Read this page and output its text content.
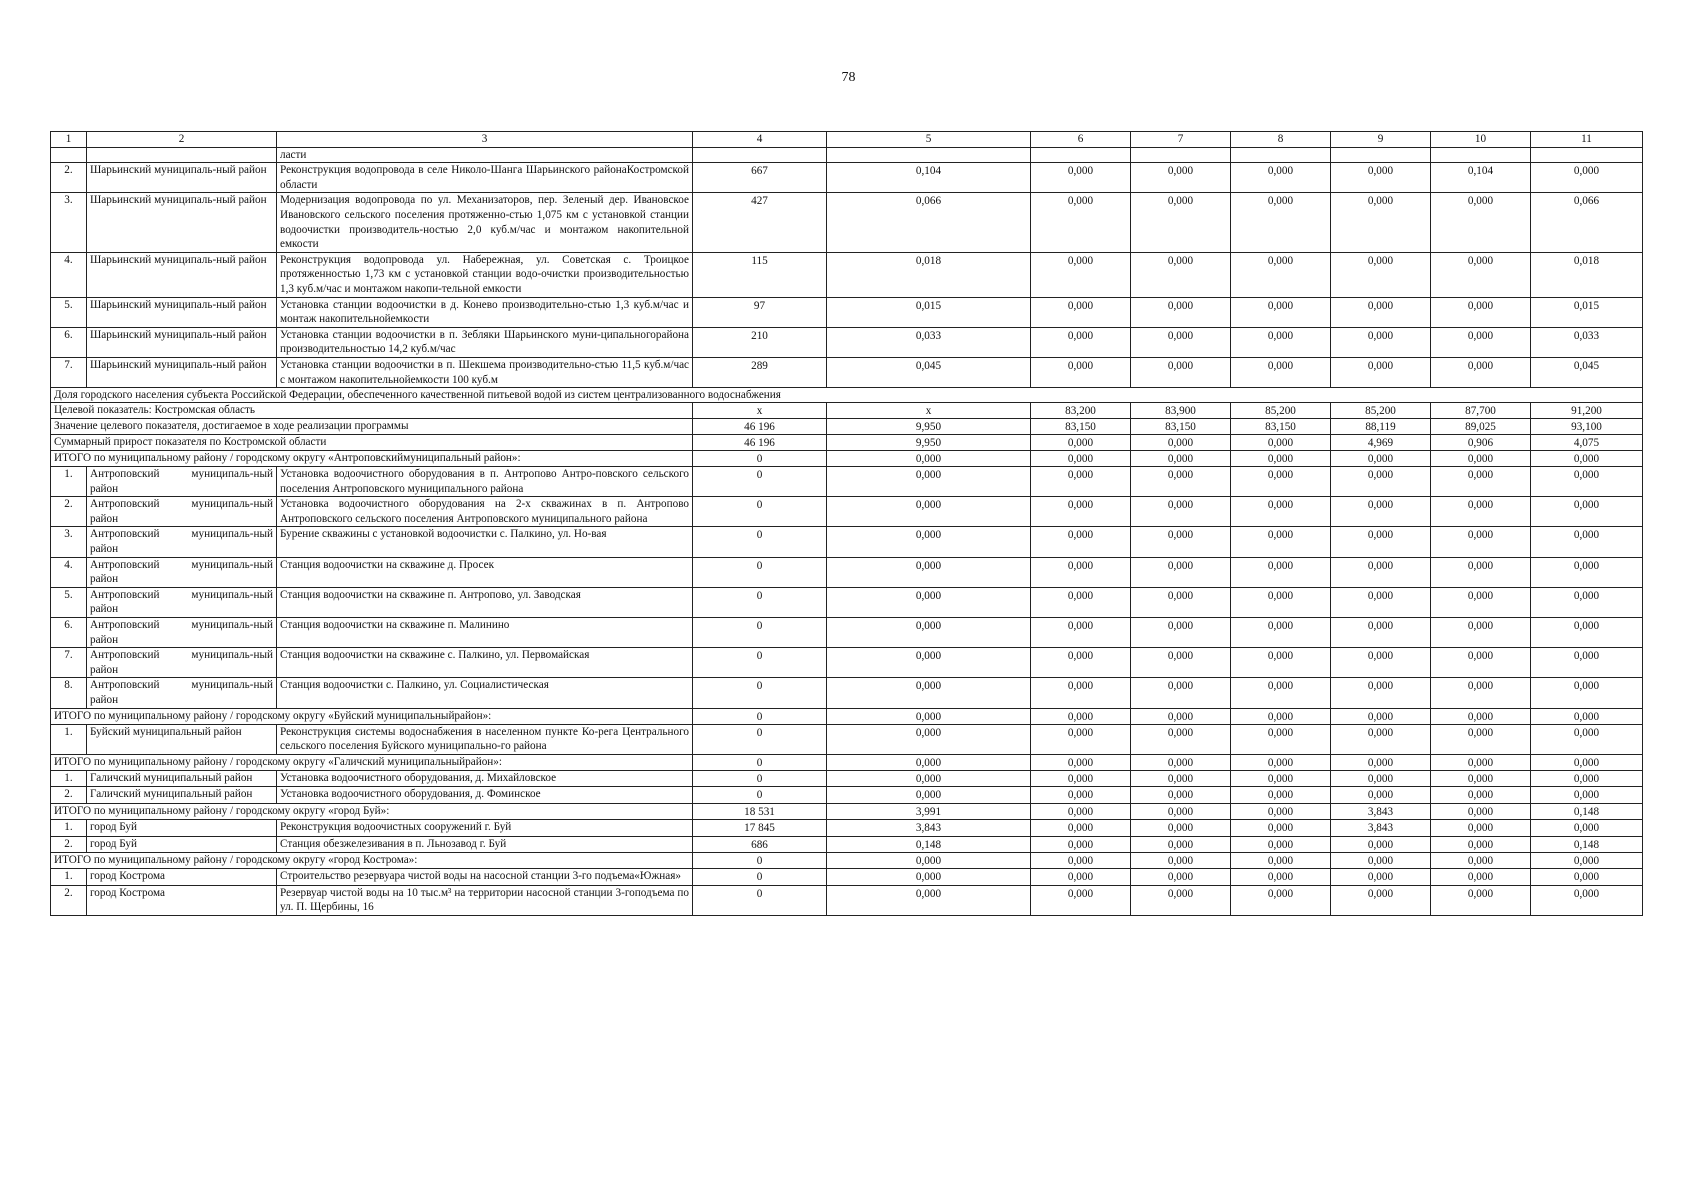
78
1	2	3	4	5	6	7	8	9	10	11
		ласти								
2.	Шарьинский муниципаль-ный район	Реконструкция водопровода в селе Николо-Шанга Шарьинского районаКостромской области	667	0,104	0,000	0,000	0,000	0,000	0,104	0,000
3.	Шарьинский муниципаль-ный район	Модернизация водопровода по ул. Механизаторов, пер. Зеленый дер. Ивановское Ивановского сельского поселения протяженно-стью 1,075 км с установкой станции водоочистки производитель-ностью 2,0 куб.м/час и монтажом накопительной емкости	427	0,066	0,000	0,000	0,000	0,000	0,000	0,066
4.	Шарьинский муниципаль-ный район	Реконструкция водопровода ул. Набережная, ул. Советская с. Троицкое протяженностью 1,73 км с установкой станции водо-очистки производительностью 1,3 куб.м/час и монтажом накопи-тельной емкости	115	0,018	0,000	0,000	0,000	0,000	0,000	0,018
5.	Шарьинский муниципаль-ный район	Установка станции водоочистки в д. Конево производительно-стью 1,3 куб.м/час и монтаж накопительнойемкости	97	0,015	0,000	0,000	0,000	0,000	0,000	0,015
6.	Шарьинский муниципаль-ный район	Установка станции водоочистки в п. Зебляки Шарьинского муни-ципальногорайона производительностью 14,2 куб.м/час	210	0,033	0,000	0,000	0,000	0,000	0,000	0,033
7.	Шарьинский муниципаль-ный район	Установка станции водоочистки в п. Шекшема производительно-стью 11,5 куб.м/час с монтажом накопительнойемкости 100 куб.м	289	0,045	0,000	0,000	0,000	0,000	0,000	0,045
Доля городского населения субъекта Российской Федерации, обеспеченного качественной питьевой водой из систем централизованного водоснабжения										
Целевой показатель: Костромская область			x	x	83,200	83,900	85,200	85,200	87,700	91,200
Значение целевого показателя, достигаемое в ходе реализации программы			46 196	9,950	83,150	83,150	83,150	88,119	89,025	93,100
Суммарный прирост показателя по Костромской области			46 196	9,950	0,000	0,000	0,000	4,969	0,906	4,075
ИТОГО по муниципальному району / городскому округу «Антроповскиймуниципальный район»:			0	0,000	0,000	0,000	0,000	0,000	0,000	0,000
1.	Антроповский муниципаль-ный район	Установка водоочистного оборудования в п. Антропово Антро-повского сельского поселения Антроповского муниципального района	0	0,000	0,000	0,000	0,000	0,000	0,000	0,000
2.	Антроповский муниципаль-ный район	Установка водоочистного оборудования на 2-х скважинах в п. Антропово Антроповского сельского поселения Антроповского муниципального района	0	0,000	0,000	0,000	0,000	0,000	0,000	0,000
3.	Антроповский муниципаль-ный район	Бурение скважины с установкой водоочистки с. Палкино, ул. Но-вая	0	0,000	0,000	0,000	0,000	0,000	0,000	0,000
4.	Антроповский муниципаль-ный район	Станция водоочистки на скважине д. Просек	0	0,000	0,000	0,000	0,000	0,000	0,000	0,000
5.	Антроповский муниципаль-ный район	Станция водоочистки на скважине п. Антропово, ул. Заводская	0	0,000	0,000	0,000	0,000	0,000	0,000	0,000
6.	Антроповский муниципаль-ный район	Станция водоочистки на скважине п. Малинино	0	0,000	0,000	0,000	0,000	0,000	0,000	0,000
7.	Антроповский муниципаль-ный район	Станция водоочистки на скважине с. Палкино, ул. Первомайская	0	0,000	0,000	0,000	0,000	0,000	0,000	0,000
8.	Антроповский муниципаль-ный район	Станция водоочистки с. Палкино, ул. Социалистическая	0	0,000	0,000	0,000	0,000	0,000	0,000	0,000
ИТОГО по муниципальному району / городскому округу «Буйский муниципальныйрайон»:			0	0,000	0,000	0,000	0,000	0,000	0,000	0,000
1.	Буйский муниципальный район	Реконструкция системы водоснабжения в населенном пункте Ко-рега Центрального сельского поселения Буйского муниципально-го района	0	0,000	0,000	0,000	0,000	0,000	0,000	0,000
ИТОГО по муниципальному району / городскому округу «Галичский муниципальныйрайон»:			0	0,000	0,000	0,000	0,000	0,000	0,000	0,000
1.	Галичский муниципальный район	Установка водоочистного оборудования, д. Михайловское	0	0,000	0,000	0,000	0,000	0,000	0,000	0,000
2.	Галичский муниципальный район	Установка водоочистного оборудования, д. Фоминское	0	0,000	0,000	0,000	0,000	0,000	0,000	0,000
ИТОГО по муниципальному району / городскому округу «город Буй»:			18 531	3,991	0,000	0,000	0,000	3,843	0,000	0,148
1.	город Буй	Реконструкция водоочистных сооружений г. Буй	17 845	3,843	0,000	0,000	0,000	3,843	0,000	0,000
2.	город Буй	Станция обезжелезивания в п. Льнозавод г. Буй	686	0,148	0,000	0,000	0,000	0,000	0,000	0,148
ИТОГО по муниципальному району / городскому округу «город Кострома»:			0	0,000	0,000	0,000	0,000	0,000	0,000	0,000
1.	город Кострома	Строительство резервуара чистой воды на насосной станции 3-го подъема«Южная»	0	0,000	0,000	0,000	0,000	0,000	0,000	0,000
2.	город Кострома	Резервуар чистой воды на 10 тыс.м³ на территории насосной станции 3-гоподъема по ул. П. Щербины, 16	0	0,000	0,000	0,000	0,000	0,000	0,000	0,000
